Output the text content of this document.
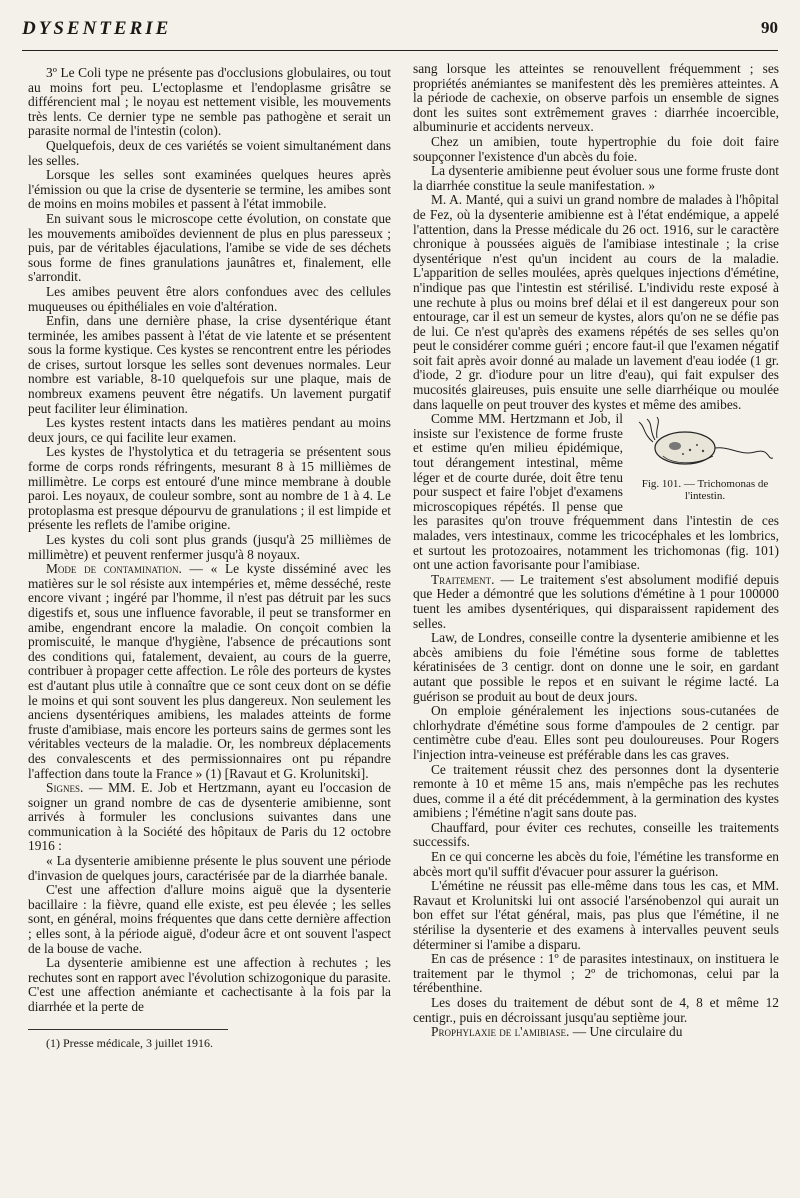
DYSENTERIE	90

3º Le Coli type ne présente pas d'occlusions globulaires, ou tout au moins fort peu. L'ectoplasme et l'endoplasme grisâtre se différencient mal ; le noyau est nettement visible, les mouvements très lents. Ce dernier type ne semble pas pathogène et serait un parasite normal de l'intestin (colon).

Quelquefois, deux de ces variétés se voient simultanément dans les selles.

Lorsque les selles sont examinées quelques heures après l'émission ou que la crise de dysenterie se termine, les amibes sont de moins en moins mobiles et passent à l'état immobile.

En suivant sous le microscope cette évolution, on constate que les mouvements amiboïdes deviennent de plus en plus paresseux ; puis, par de véritables éjaculations, l'amibe se vide de ses déchets sous forme de fines granulations jaunâtres et, finalement, elle s'arrondit.

Les amibes peuvent être alors confondues avec des cellules muqueuses ou épithéliales en voie d'altération.

Enfin, dans une dernière phase, la crise dysentérique étant terminée, les amibes passent à l'état de vie latente et se présentent sous la forme kystique. Ces kystes se rencontrent entre les périodes de crises, surtout lorsque les selles sont devenues normales. Leur nombre est variable, 8-10 quelquefois sur une plaque, mais de nombreux examens peuvent être négatifs. Un lavement purgatif peut faciliter leur élimination.

Les kystes restent intacts dans les matières pendant au moins deux jours, ce qui facilite leur examen.

Les kystes de l'hystolytica et du tetrageria se présentent sous forme de corps ronds réfringents, mesurant 8 à 15 millièmes de millimètre. Le corps est entouré d'une mince membrane à double paroi. Les noyaux, de couleur sombre, sont au nombre de 1 à 4. Le protoplasma est presque dépourvu de granulations ; il est limpide et présente les reflets de l'amibe origine.

Les kystes du coli sont plus grands (jusqu'à 25 millièmes de millimètre) et peuvent renfermer jusqu'à 8 noyaux.

Mode de contamination. — « Le kyste disséminé avec les matières sur le sol résiste aux intempéries et, même desséché, reste encore vivant ; ingéré par l'homme, il n'est pas détruit par les sucs digestifs et, sous une influence favorable, il peut se transformer en amibe, engendrant encore la maladie. On conçoit combien la promiscuité, le manque d'hygiène, l'absence de précautions sont des conditions qui, fatalement, devaient, au cours de la guerre, contribuer à propager cette affection. Le rôle des porteurs de kystes est d'autant plus utile à connaître que ce sont ceux dont on se défie le moins et qui sont souvent les plus dangereux. Non seulement les anciens dysentériques amibiens, les malades atteints de forme fruste d'amibiase, mais encore les porteurs sains de germes sont les véritables vecteurs de la maladie. Or, les nombreux déplacements des convalescents et des permissionnaires ont pu répandre l'affection dans toute la France » (1) [Ravaut et G. Krolunitski].

Signes. — MM. E. Job et Hertzmann, ayant eu l'occasion de soigner un grand nombre de cas de dysenterie amibienne, sont arrivés à formuler les conclusions suivantes dans une communication à la Société des hôpitaux de Paris du 12 octobre 1916 :

« La dysenterie amibienne présente le plus souvent une période d'invasion de quelques jours, caractérisée par de la diarrhée banale.

C'est une affection d'allure moins aiguë que la dysenterie bacillaire : la fièvre, quand elle existe, est peu élevée ; les selles sont, en général, moins fréquentes que dans cette dernière affection ; elles sont, à la période aiguë, d'odeur âcre et ont souvent l'aspect de la bouse de vache.

La dysenterie amibienne est une affection à rechutes ; les rechutes sont en rapport avec l'évolution schizogonique du parasite. C'est une affection anémiante et cachectisante à la fois par la diarrhée et la perte de

(1) Presse médicale, 3 juillet 1916.

sang lorsque les atteintes se renouvellent fréquemment ; ses propriétés anémiantes se manifestent dès les premières atteintes. A la période de cachexie, on observe parfois un ensemble de signes dont les suites sont extrêmement graves : diarrhée incoercible, albuminurie et accidents nerveux.

Chez un amibien, toute hypertrophie du foie doit faire soupçonner l'existence d'un abcès du foie.

La dysenterie amibienne peut évoluer sous une forme fruste dont la diarrhée constitue la seule manifestation. »

M. A. Manté, qui a suivi un grand nombre de malades à l'hôpital de Fez, où la dysenterie amibienne est à l'état endémique, a appelé l'attention, dans la Presse médicale du 26 oct. 1916, sur le caractère chronique à poussées aiguës de l'amibiase intestinale ; la crise dysentérique n'est qu'un incident au cours de la maladie. L'apparition de selles moulées, après quelques injections d'émétine, n'indique pas que l'intestin est stérilisé. L'individu reste exposé à une rechute à plus ou moins bref délai et il est dangereux pour son entourage, car il est un semeur de kystes, alors qu'on ne se défie pas de lui. Ce n'est qu'après des examens répétés de ses selles qu'on peut le considérer comme guéri ; encore faut-il que l'examen négatif soit fait après avoir donné au malade un lavement d'eau iodée (1 gr. d'iode, 2 gr. d'iodure pour un litre d'eau), qui fait expulser des mucosités glaireuses, puis ensuite une selle diarrhéique ou moulée dans laquelle on peut trouver des kystes et même des amibes.

Fig. 101. — Trichomonas de l'intestin.

Comme MM. Hertzmann et Job, il insiste sur l'existence de forme fruste et estime qu'en milieu épidémique, tout dérangement intestinal, même léger et de courte durée, doit être tenu pour suspect et faire l'objet d'examens microscopiques répétés. Il pense que les parasites qu'on trouve fréquemment dans l'intestin de ces malades, vers intestinaux, comme les tricocéphales et les lombrics, et surtout les protozoaires, notamment les trichomonas (fig. 101) ont une action favorisante pour l'amibiase.

Traitement. — Le traitement s'est absolument modifié depuis que Heder a démontré que les solutions d'émétine à 1 pour 100000 tuent les amibes dysentériques, qui disparaissent rapidement des selles.

Law, de Londres, conseille contre la dysenterie amibienne et les abcès amibiens du foie l'émétine sous forme de tablettes kératinisées de 3 centigr. dont on donne une le soir, en gardant autant que possible le repos et en suivant le régime lacté. La guérison se produit au bout de deux jours.

On emploie généralement les injections sous-cutanées de chlorhydrate d'émétine sous forme d'ampoules de 2 centigr. par centimètre cube d'eau. Elles sont peu douloureuses. Pour Rogers l'injection intra-veineuse est préférable dans les cas graves.

Ce traitement réussit chez des personnes dont la dysenterie remonte à 10 et même 15 ans, mais n'empêche pas les rechutes dues, comme il a été dit précédemment, à la germination des kystes amibiens ; l'émétine n'agit sans doute pas.

Chauffard, pour éviter ces rechutes, conseille les traitements successifs.

En ce qui concerne les abcès du foie, l'émétine les transforme en abcès mort qu'il suffit d'évacuer pour assurer la guérison.

L'émétine ne réussit pas elle-même dans tous les cas, et MM. Ravaut et Krolunitski lui ont associé l'arsénobenzol qui aurait un bon effet sur l'état général, mais, pas plus que l'émétine, il ne stérilise la dysenterie et des examens à intervalles peuvent seuls déterminer si l'amibe a disparu.

En cas de présence : 1º de parasites intestinaux, on instituera le traitement par le thymol ; 2º de trichomonas, celui par la térébenthine.

Les doses du traitement de début sont de 4, 8 et même 12 centigr., puis en décroissant jusqu'au septième jour.

Prophylaxie de l'amibiase. — Une circulaire du
